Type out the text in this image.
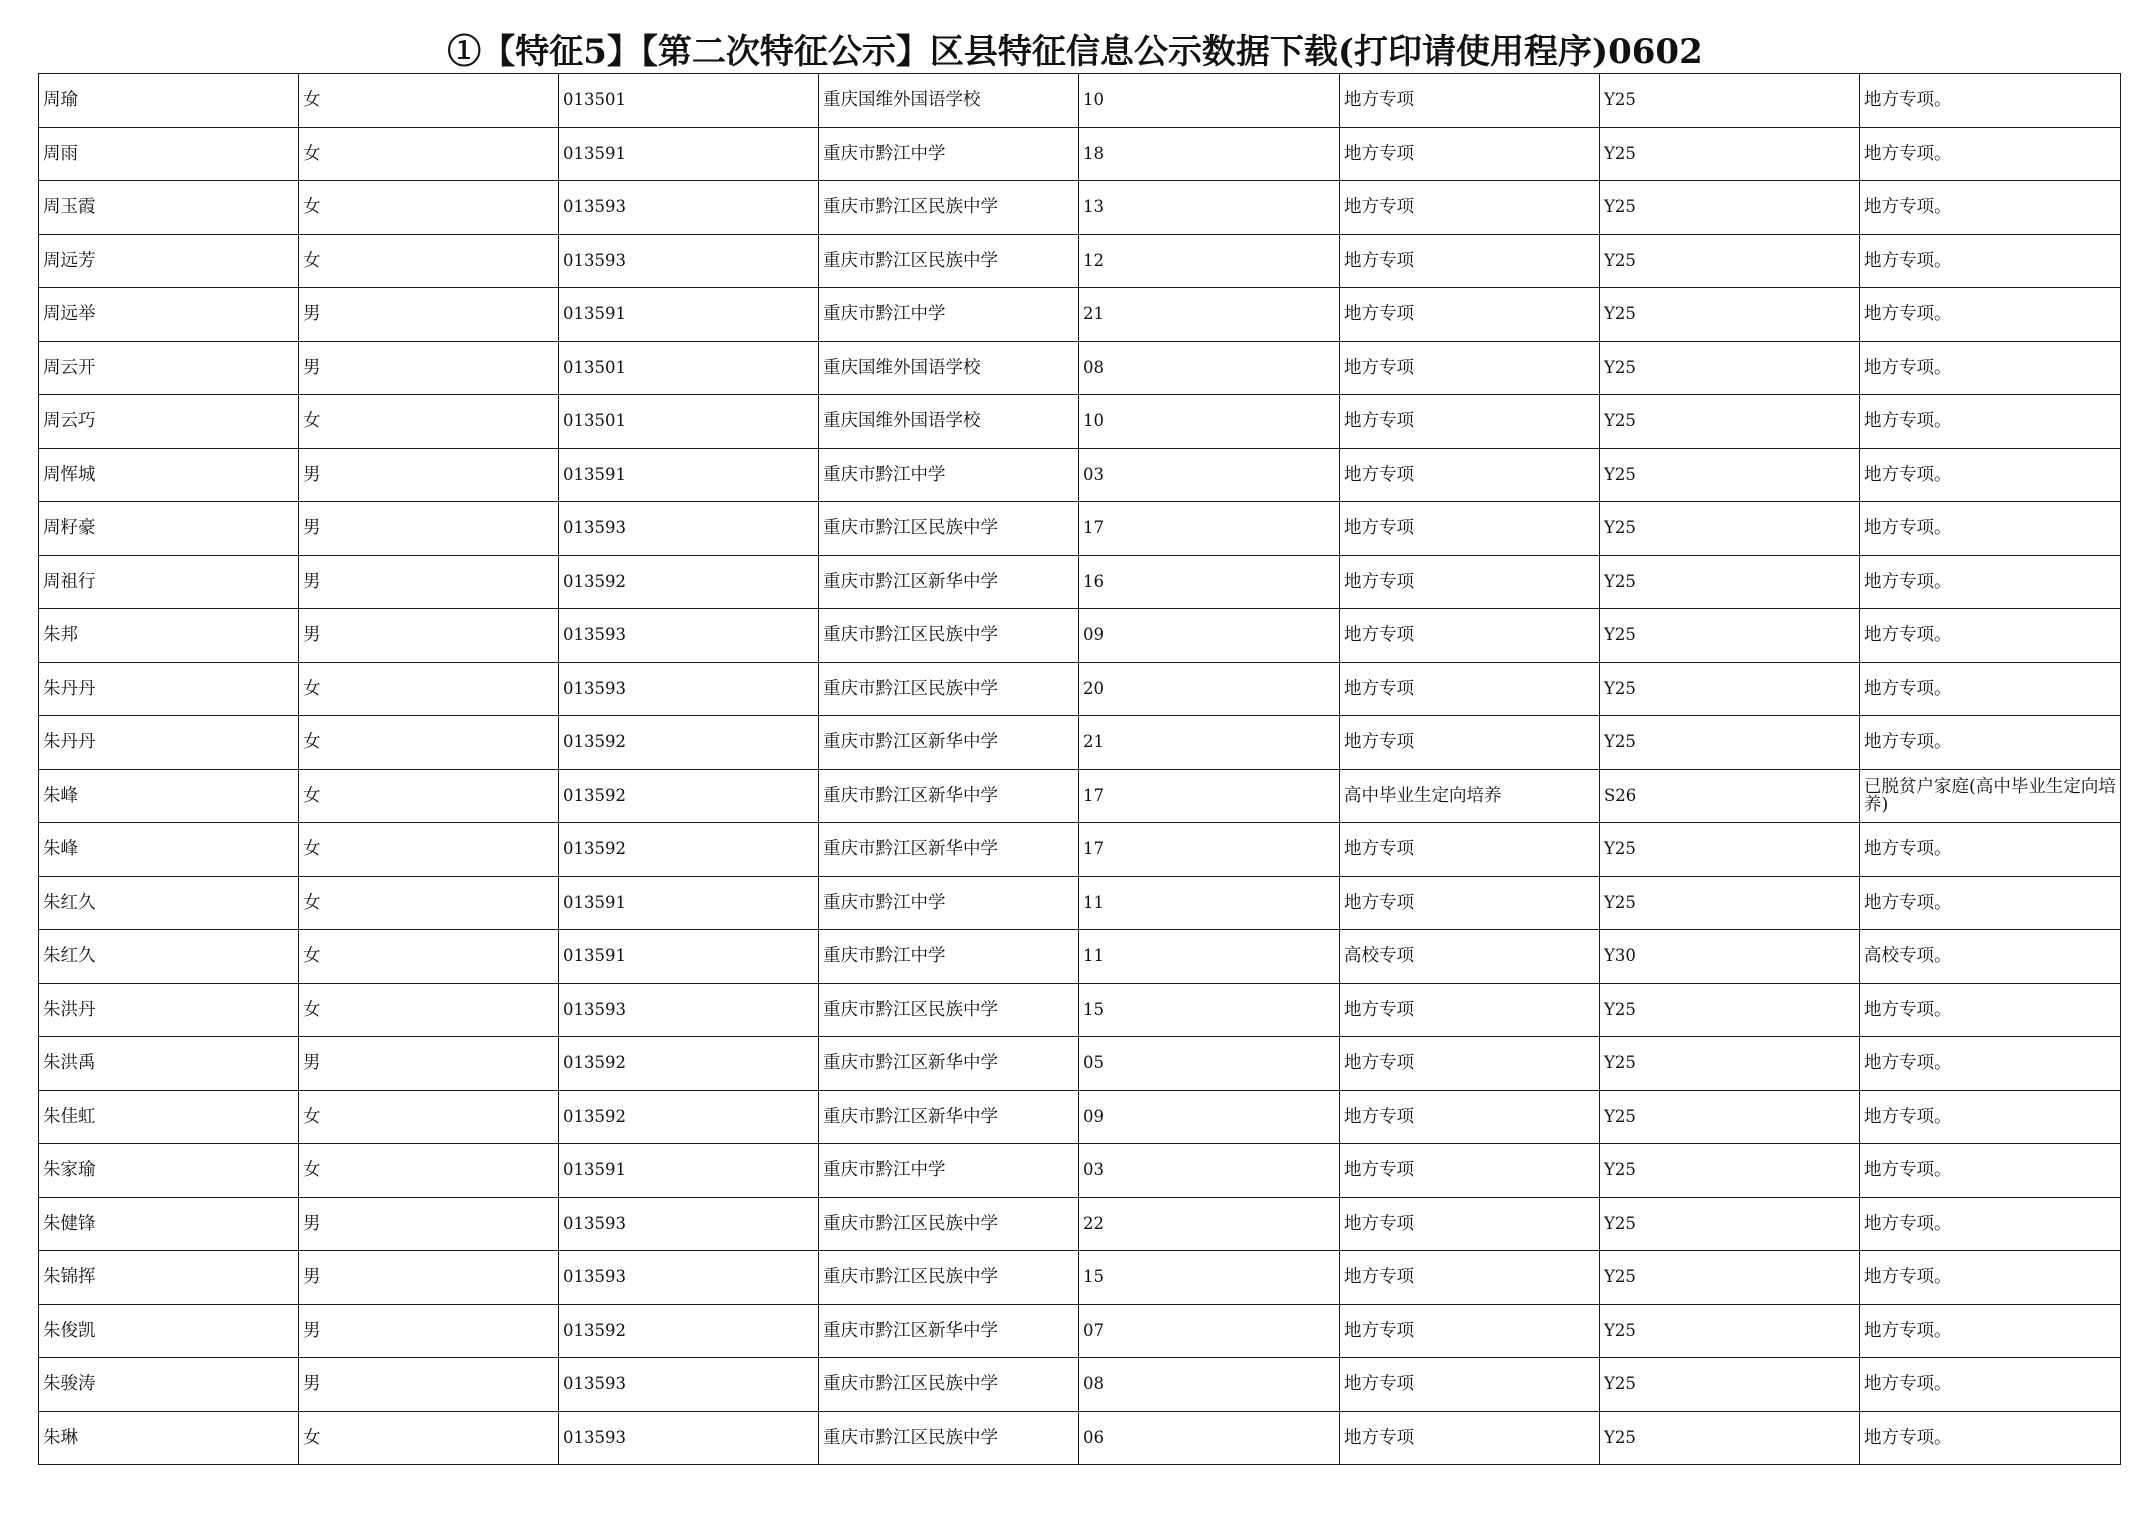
①【特征5】【第二次特征公示】区县特征信息公示数据下载(打印请使用程序)0602
周瑜	女	013501	重庆国维外国语学校	10	地方专项	Y25	地方专项。
周雨	女	013591	重庆市黔江中学	18	地方专项	Y25	地方专项。
周玉霞	女	013593	重庆市黔江区民族中学	13	地方专项	Y25	地方专项。
周远芳	女	013593	重庆市黔江区民族中学	12	地方专项	Y25	地方专项。
周远举	男	013591	重庆市黔江中学	21	地方专项	Y25	地方专项。
周云开	男	013501	重庆国维外国语学校	08	地方专项	Y25	地方专项。
周云巧	女	013501	重庆国维外国语学校	10	地方专项	Y25	地方专项。
周恽城	男	013591	重庆市黔江中学	03	地方专项	Y25	地方专项。
周籽豪	男	013593	重庆市黔江区民族中学	17	地方专项	Y25	地方专项。
周祖行	男	013592	重庆市黔江区新华中学	16	地方专项	Y25	地方专项。
朱邦	男	013593	重庆市黔江区民族中学	09	地方专项	Y25	地方专项。
朱丹丹	女	013593	重庆市黔江区民族中学	20	地方专项	Y25	地方专项。
朱丹丹	女	013592	重庆市黔江区新华中学	21	地方专项	Y25	地方专项。
朱峰	女	013592	重庆市黔江区新华中学	17	高中毕业生定向培养	S26	已脱贫户家庭(高中毕业生定向培养)
朱峰	女	013592	重庆市黔江区新华中学	17	地方专项	Y25	地方专项。
朱红久	女	013591	重庆市黔江中学	11	地方专项	Y25	地方专项。
朱红久	女	013591	重庆市黔江中学	11	高校专项	Y30	高校专项。
朱洪丹	女	013593	重庆市黔江区民族中学	15	地方专项	Y25	地方专项。
朱洪禹	男	013592	重庆市黔江区新华中学	05	地方专项	Y25	地方专项。
朱佳虹	女	013592	重庆市黔江区新华中学	09	地方专项	Y25	地方专项。
朱家瑜	女	013591	重庆市黔江中学	03	地方专项	Y25	地方专项。
朱健锋	男	013593	重庆市黔江区民族中学	22	地方专项	Y25	地方专项。
朱锦挥	男	013593	重庆市黔江区民族中学	15	地方专项	Y25	地方专项。
朱俊凯	男	013592	重庆市黔江区新华中学	07	地方专项	Y25	地方专项。
朱骏涛	男	013593	重庆市黔江区民族中学	08	地方专项	Y25	地方专项。
朱琳	女	013593	重庆市黔江区民族中学	06	地方专项	Y25	地方专项。
